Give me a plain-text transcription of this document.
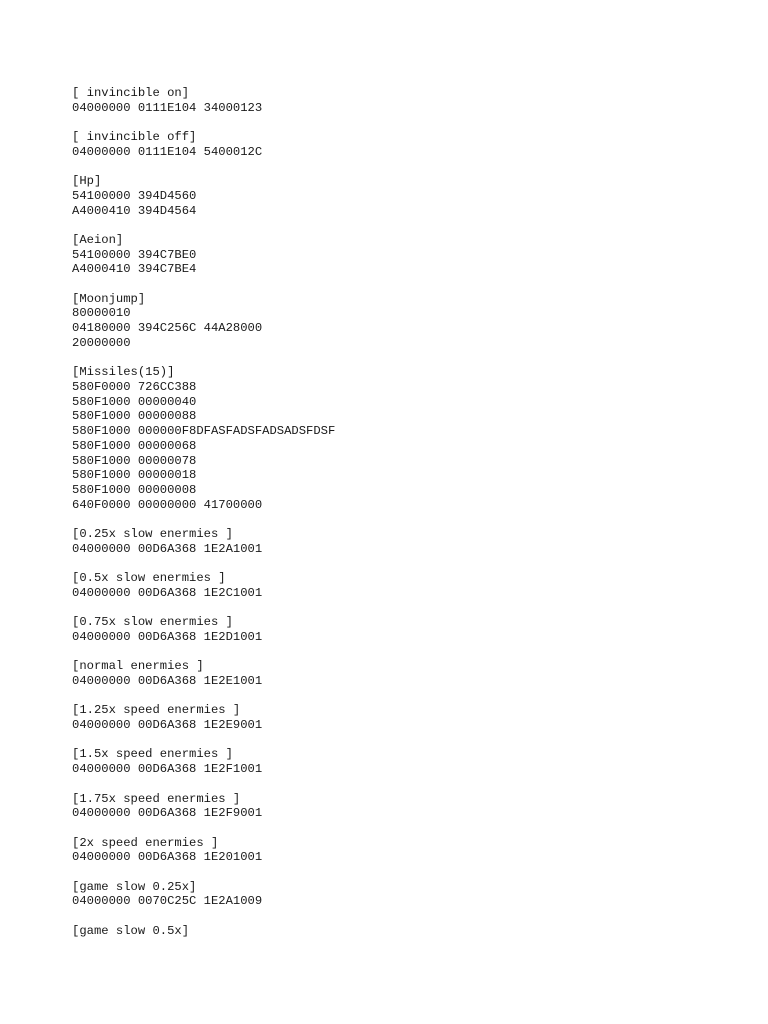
[ invincible on]
04000000 0111E104 34000123
[ invincible off]
04000000 0111E104 5400012C
[Hp]
54100000 394D4560
A4000410 394D4564
[Aeion]
54100000 394C7BE0
A4000410 394C7BE4
[Moonjump]
80000010
04180000 394C256C 44A28000
20000000
[Missiles(15)]
580F0000 726CC388
580F1000 00000040
580F1000 00000088
580F1000 000000F8DFASFADSFADSADSFDSF
580F1000 00000068
580F1000 00000078
580F1000 00000018
580F1000 00000008
640F0000 00000000 41700000
[0.25x slow enermies ]
04000000 00D6A368 1E2A1001
[0.5x slow enermies ]
04000000 00D6A368 1E2C1001
[0.75x slow enermies ]
04000000 00D6A368 1E2D1001
[normal enermies ]
04000000 00D6A368 1E2E1001
[1.25x speed enermies ]
04000000 00D6A368 1E2E9001
[1.5x speed enermies ]
04000000 00D6A368 1E2F1001
[1.75x speed enermies ]
04000000 00D6A368 1E2F9001
[2x speed enermies ]
04000000 00D6A368 1E201001
[game slow 0.25x]
04000000 0070C25C 1E2A1009
[game slow 0.5x]
